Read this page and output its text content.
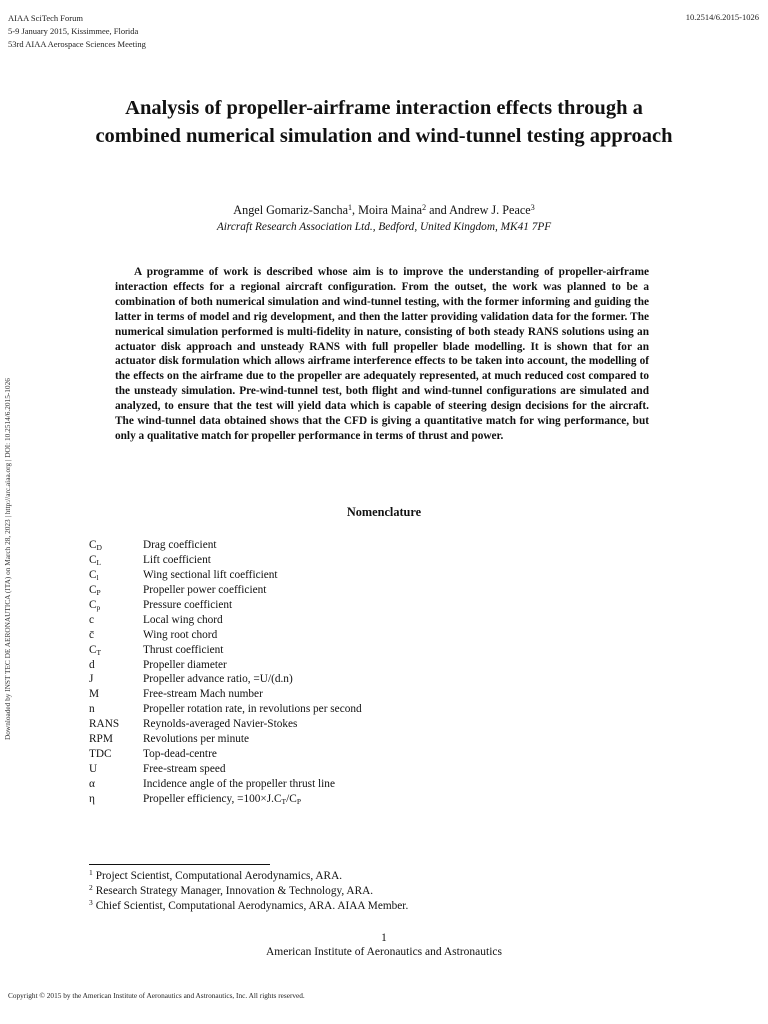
AIAA SciTech Forum
5-9 January 2015, Kissimmee, Florida
53rd AIAA Aerospace Sciences Meeting
10.2514/6.2015-1026
Downloaded by INST TEC DE AERONAUTICA (ITA) on March 28, 2023 | http://arc.aiaa.org | DOI: 10.2514/6.2015-1026
Analysis of propeller-airframe interaction effects through a combined numerical simulation and wind-tunnel testing approach
Angel Gomariz-Sancha$^1$, Moira Maina$^2$ and Andrew J. Peace$^3$
Aircraft Research Association Ltd., Bedford, United Kingdom, MK41 7PF

A programme of work is described whose aim is to improve the understanding of propeller-airframe interaction effects for a regional aircraft configuration. From the outset, the work was planned to be a combination of both numerical simulation and wind-tunnel testing, with the former informing and guiding the latter in terms of model and rig development, and then the latter providing validation data for the former. The numerical simulation performed is multi-fidelity in nature, consisting of both steady RANS solutions using an actuator disk approach and unsteady RANS with full propeller blade modelling. It is shown that for an actuator disk formulation which allows airframe interference effects to be taken into account, the modelling of the effects on the airframe due to the propeller are adequately represented, at much reduced cost compared to the unsteady simulation. Pre-wind-tunnel test, both flight and wind-tunnel configurations are simulated and analyzed, to ensure that the test will yield data which is capable of steering design decisions for the aircraft. The wind-tunnel data obtained shows that the CFD is giving a quantitative match for wing performance, but only a qualitative match for propeller performance in terms of thrust and power.

Nomenclature
$C_D$	Drag coefficient
$C_L$	Lift coefficient
$C_l$	Wing sectional lift coefficient
$C_P$	Propeller power coefficient
$C_p$	Pressure coefficient
c	Local wing chord
c̄	Wing root chord
$C_T$	Thrust coefficient
d	Propeller diameter
J	Propeller advance ratio, =U/(d.n)
M	Free-stream Mach number
n	Propeller rotation rate, in revolutions per second
RANS	Reynolds-averaged Navier-Stokes
RPM	Revolutions per minute
TDC	Top-dead-centre
U	Free-stream speed
α	Incidence angle of the propeller thrust line
η	Propeller efficiency, $=100\times J.C_T/C_P$
$^1$ Project Scientist, Computational Aerodynamics, ARA.
$^2$ Research Strategy Manager, Innovation & Technology, ARA.
$^3$ Chief Scientist, Computational Aerodynamics, ARA. AIAA Member.
1
American Institute of Aeronautics and Astronautics
Copyright © 2015 by the American Institute of Aeronautics and Astronautics, Inc. All rights reserved.
